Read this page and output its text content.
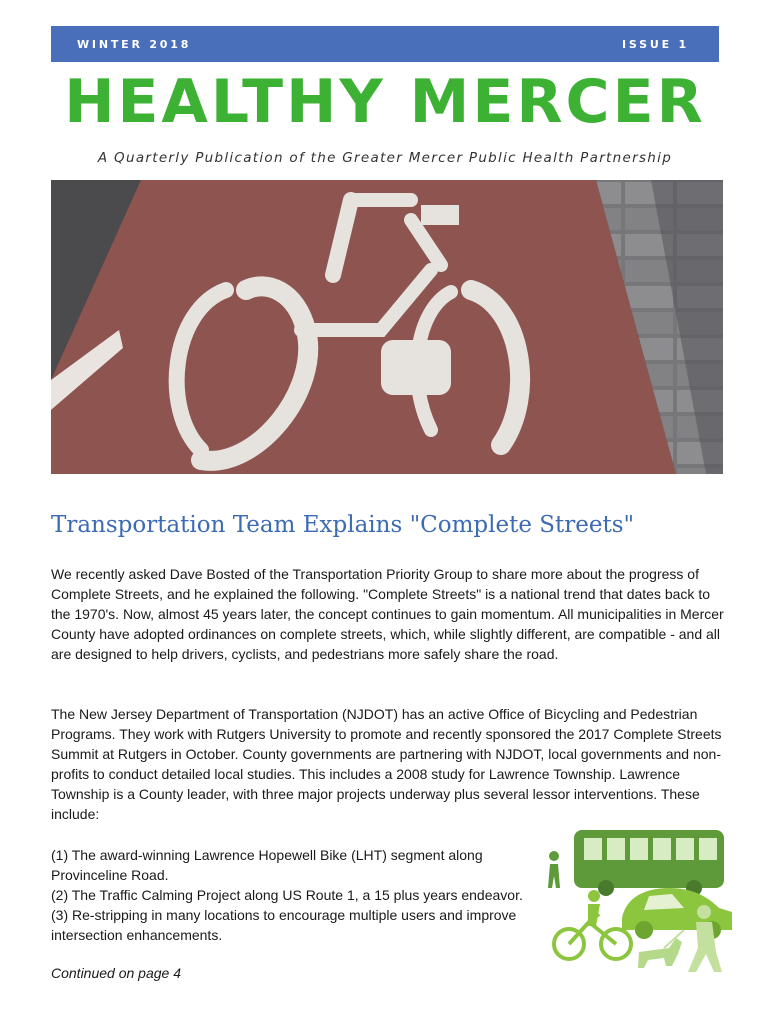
WINTER 2018	ISSUE 1
HEALTHY MERCER
A Quarterly Publication of the Greater Mercer Public Health Partnership
Transportation Team Explains "Complete Streets"

We recently asked Dave Bosted of the Transportation Priority Group to share more about the progress of Complete Streets, and he explained the following. "Complete Streets" is a national trend that dates back to the 1970's. Now, almost 45 years later, the concept continues to gain momentum. All municipalities in Mercer County have adopted ordinances on complete streets, which, while slightly different, are compatible - and all are designed to help drivers, cyclists, and pedestrians more safely share the road.

The New Jersey Department of Transportation (NJDOT) has an active Office of Bicycling and Pedestrian Programs. They work with Rutgers University to promote and recently sponsored the 2017 Complete Streets Summit at Rutgers in October. County governments are partnering with NJDOT, local governments and non-profits to conduct detailed local studies. This includes a 2008 study for Lawrence Township. Lawrence Township is a County leader, with three major projects underway plus several lessor interventions. These include:

(1) The award-winning Lawrence Hopewell Bike (LHT) segment along Provinceline Road.
(2) The Traffic Calming Project along US Route 1, a 15 plus years endeavor.
(3) Re-stripping in many locations to encourage multiple users and improve intersection enhancements.
Continued on page 4
